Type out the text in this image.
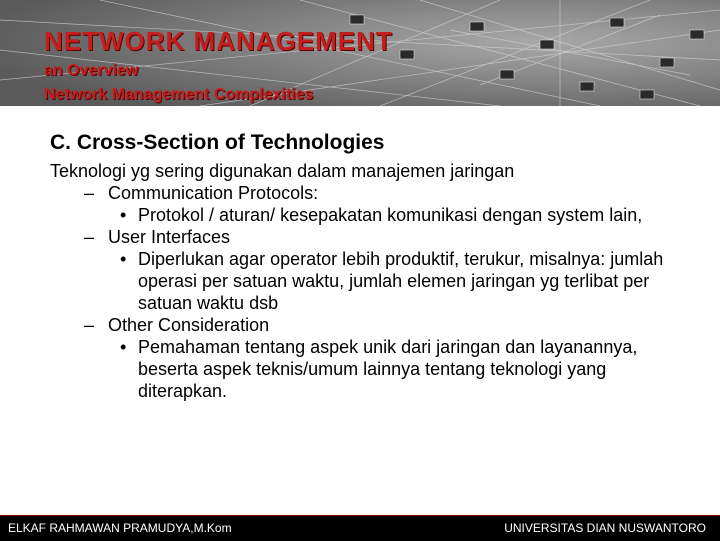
NETWORK MANAGEMENT
an Overview
Network Management Complexities
C. Cross-Section of Technologies

Teknologi yg sering digunakan dalam manajemen jaringan

– Communication Protocols:

• Protokol / aturan/ kesepakatan komunikasi dengan system lain,

– User Interfaces

• Diperlukan agar operator lebih produktif, terukur, misalnya: jumlah operasi per satuan waktu, jumlah elemen jaringan yg terlibat per satuan waktu dsb

– Other Consideration

• Pemahaman tentang aspek unik dari jaringan dan layanannya, beserta aspek teknis/umum lainnya tentang teknologi yang diterapkan.

ELKAF RAHMAWAN PRAMUDYA,M.Kom	UNIVERSITAS DIAN NUSWANTORO
